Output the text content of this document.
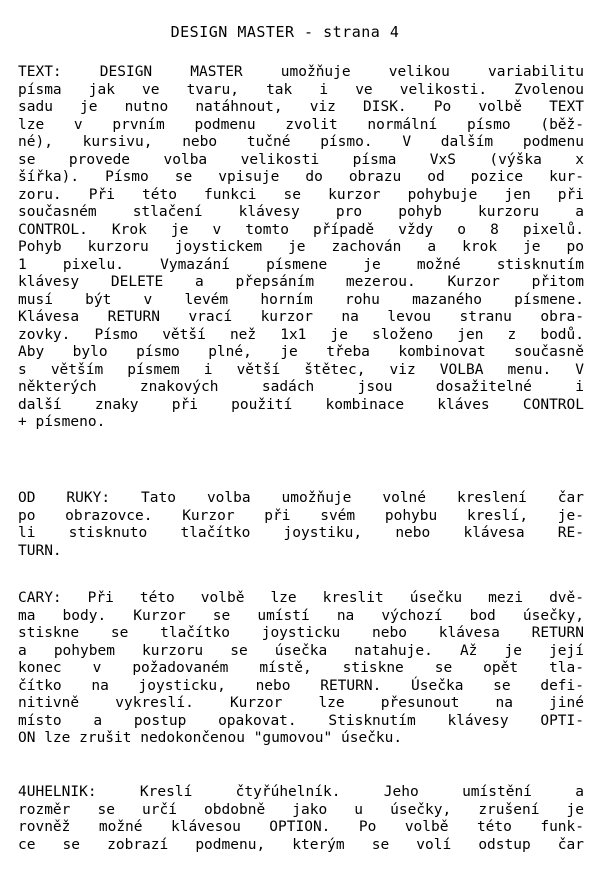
DESIGN MASTER - strana 4
TEXT: DESIGN MASTER umožňuje velikou variabilitu
písma jak ve tvaru, tak i ve velikosti. Zvolenou
sadu je nutno natáhnout, viz DISK. Po volbě TEXT
lze v prvním podmenu zvolit normální písmo (běž-
né), kursivu, nebo tučné písmo. V dalším podmenu
se provede volba velikosti písma VxS (výška x
šířka). Písmo se vpisuje do obrazu od pozice kur-
zoru. Při této funkci se kurzor pohybuje jen při
současném stlačení klávesy pro pohyb kurzoru a
CONTROL. Krok je v tomto případě vždy o 8 pixelů.
Pohyb kurzoru joystickem je zachován a krok je po
1 pixelu. Vymazání písmene je možné stisknutím
klávesy DELETE a přepsáním mezerou. Kurzor přitom
musí být v levém horním rohu mazaného písmene.
Klávesa RETURN vrací kurzor na levou stranu obra-
zovky. Písmo větší než 1x1 je složeno jen z bodů.
Aby bylo písmo plné, je třeba kombinovat současně
s větším písmem i větší štětec, viz VOLBA menu. V
některých znakových sadách jsou dosažitelné i
další znaky při použití kombinace kláves CONTROL
+ písmeno.
OD RUKY: Tato volba umožňuje volné kreslení čar
po obrazovce. Kurzor při svém pohybu kreslí, je-
li stisknuto tlačítko joystiku, nebo klávesa RE-
TURN.
CARY: Při této volbě lze kreslit úsečku mezi dvě-
ma body. Kurzor se umístí na výchozí bod úsečky,
stiskne se tlačítko joysticku nebo klávesa RETURN
a pohybem kurzoru se úsečka natahuje. Až je její
konec v požadovaném místě, stiskne se opět tla-
čítko na joysticku, nebo RETURN. Úsečka se defi-
nitivně vykreslí. Kurzor lze přesunout na jiné
místo a postup opakovat. Stisknutím klávesy OPTI-
ON lze zrušit nedokončenou "gumovou" úsečku.
4UHELNIK: Kreslí čtyřúhelník. Jeho umístění a
rozměr se určí obdobně jako u úsečky, zrušení je
rovněž možné klávesou OPTION. Po volbě této funk-
ce se zobrazí podmenu, kterým se volí odstup čar
